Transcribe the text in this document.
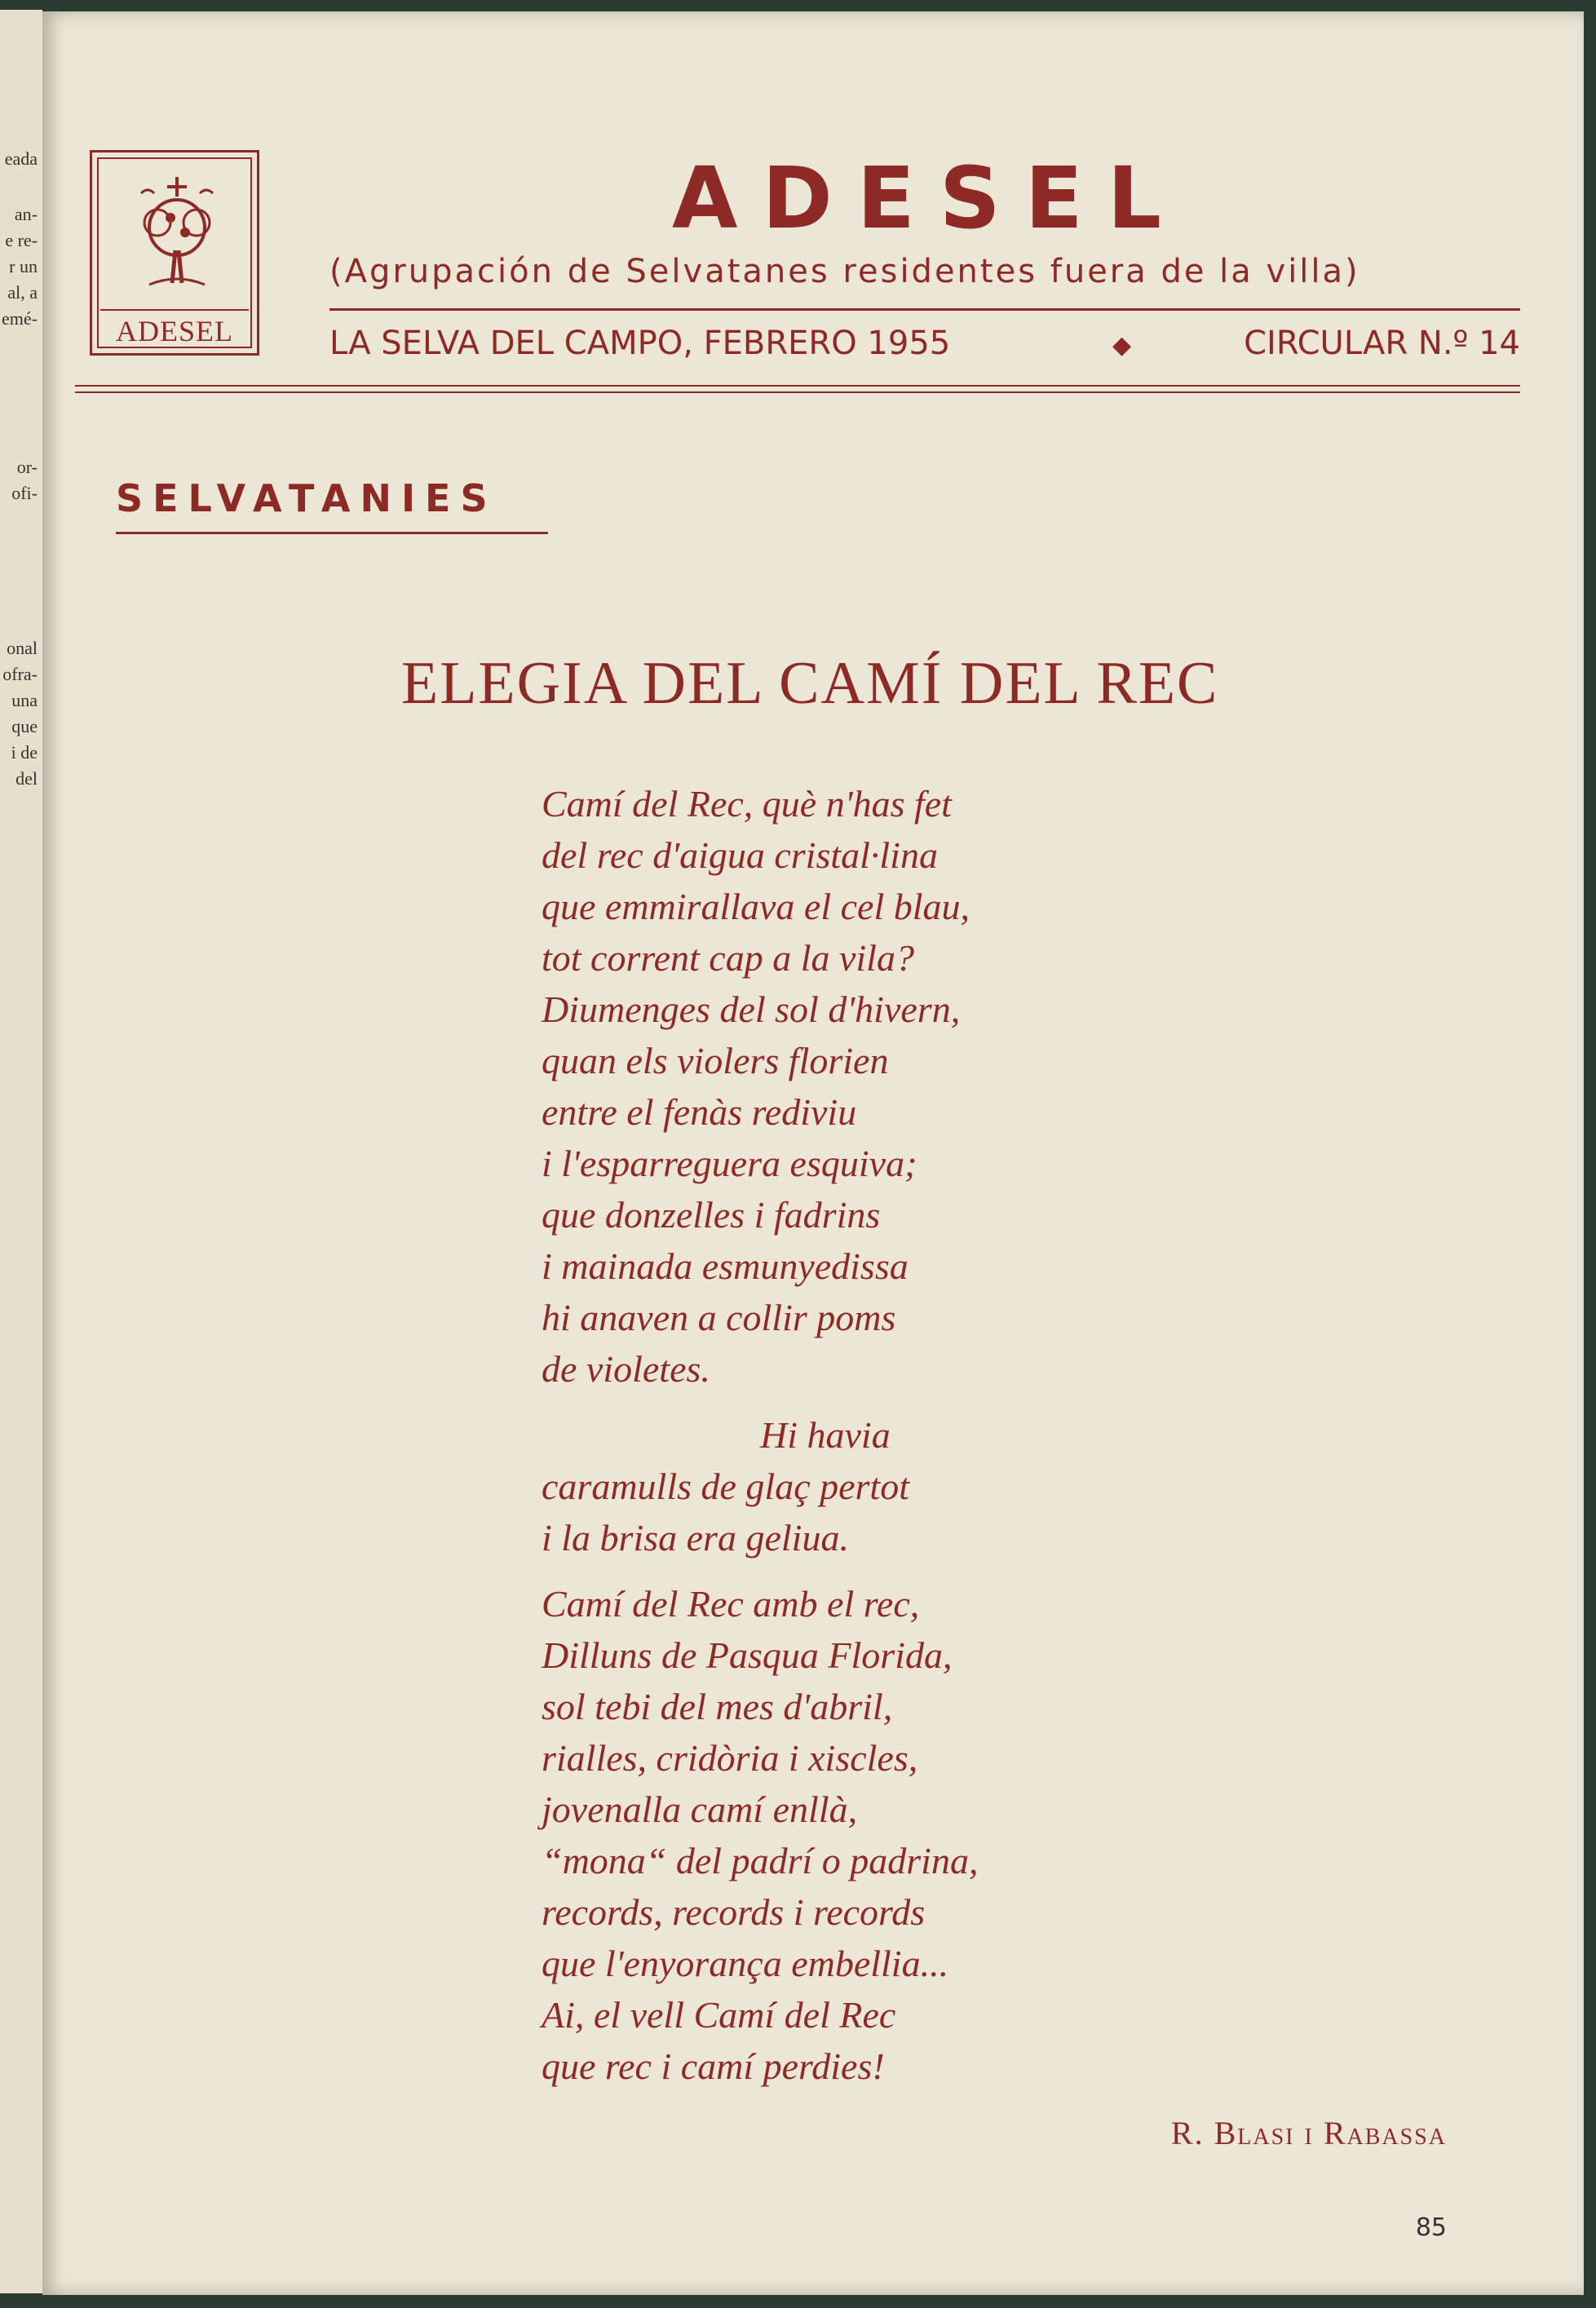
eada
an-
e re-
r un
al, a
emé-
or-
ofi-
onal
ofra-
una
que
i de
del
ADESEL
ADESEL
(Agrupación de Selvatanes residentes fuera de la villa)
LA SELVA DEL CAMPO, FEBRERO 1955	◆	CIRCULAR N.º 14
SELVATANIES
ELEGIA DEL CAMÍ DEL REC
Camí del Rec, què n'has fet
del rec d'aigua cristal·lina
que emmirallava el cel blau,
tot corrent cap a la vila?
Diumenges del sol d'hivern,
quan els violers florien
entre el fenàs rediviu
i l'esparreguera esquiva;
que donzelles i fadrins
i mainada esmunyedissa
hi anaven a collir poms
de violetes.
Hi havia
caramulls de glaç pertot
i la brisa era geliua.
Camí del Rec amb el rec,
Dilluns de Pasqua Florida,
sol tebi del mes d'abril,
rialles, cridòria i xiscles,
jovenalla camí enllà,
“mona“ del padrí o padrina,
records, records i records
que l'enyorança embellia...
Ai, el vell Camí del Rec
que rec i camí perdies!
R. Blasi i Rabassa
85
